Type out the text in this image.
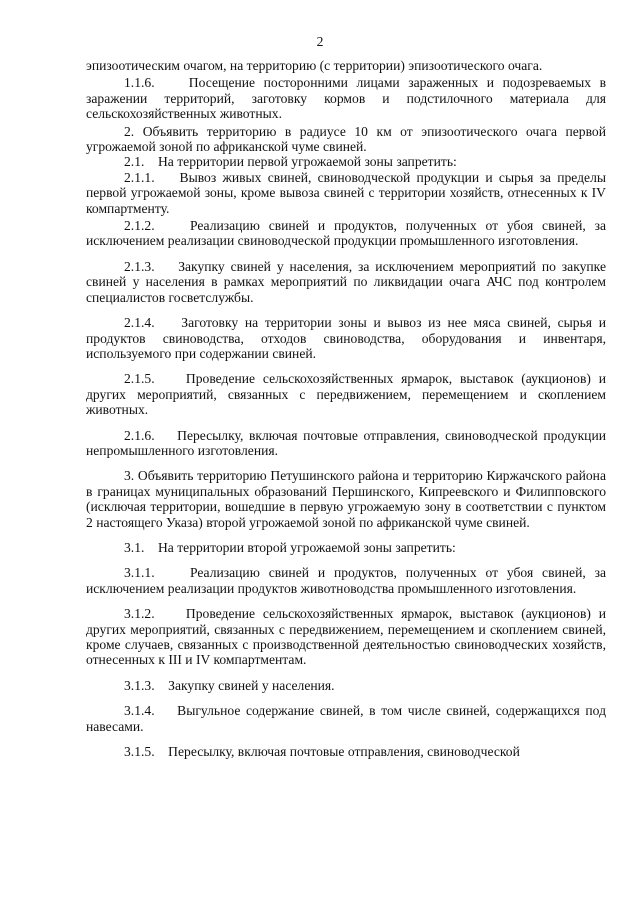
2

эпизоотическим очагом, на территорию (с территории) эпизоотического очага.

1.1.6.    Посещение посторонними лицами зараженных и подозреваемых в заражении территорий, заготовку кормов и подстилочного материала для сельскохозяйственных животных.

2. Объявить территорию в радиусе 10 км от эпизоотического очага первой угрожаемой зоной по африканской чуме свиней.

2.1.    На территории первой угрожаемой зоны запретить:

2.1.1.    Вывоз живых свиней, свиноводческой продукции и сырья за пределы первой угрожаемой зоны, кроме вывоза свиней с территории хозяйств, отнесенных к IV компартменту.

2.1.2.    Реализацию свиней и продуктов, полученных от убоя свиней, за исключением реализации свиноводческой продукции промышленного изготовления.

2.1.3.    Закупку свиней у населения, за исключением мероприятий по закупке свиней у населения в рамках мероприятий по ликвидации очага АЧС под контролем специалистов госветслужбы.

2.1.4.    Заготовку на территории зоны и вывоз из нее мяса свиней, сырья и продуктов свиноводства, отходов свиноводства, оборудования и инвентаря, используемого при содержании свиней.

2.1.5.    Проведение сельскохозяйственных ярмарок, выставок (аукционов) и других мероприятий, связанных с передвижением, перемещением и скоплением животных.

2.1.6.    Пересылку, включая почтовые отправления, свиноводческой продукции непромышленного изготовления.

3. Объявить территорию Петушинского района и территорию Киржачского района в границах муниципальных образований Першинского, Кипреевского и Филипповского (исключая территории, вошедшие в первую угрожаемую зону в соответствии с пунктом 2 настоящего Указа) второй угрожаемой зоной по африканской чуме свиней.

3.1.    На территории второй угрожаемой зоны запретить:

3.1.1.    Реализацию свиней и продуктов, полученных от убоя свиней, за исключением реализации продуктов животноводства промышленного изготовления.

3.1.2.    Проведение сельскохозяйственных ярмарок, выставок (аукционов) и других мероприятий, связанных с передвижением, перемещением и скоплением свиней, кроме случаев, связанных с производственной деятельностью свиноводческих хозяйств, отнесенных к III и IV компартментам.

3.1.3.    Закупку свиней у населения.

3.1.4.    Выгульное содержание свиней, в том числе свиней, содержащихся под навесами.

3.1.5.    Пересылку, включая почтовые отправления, свиноводческой
